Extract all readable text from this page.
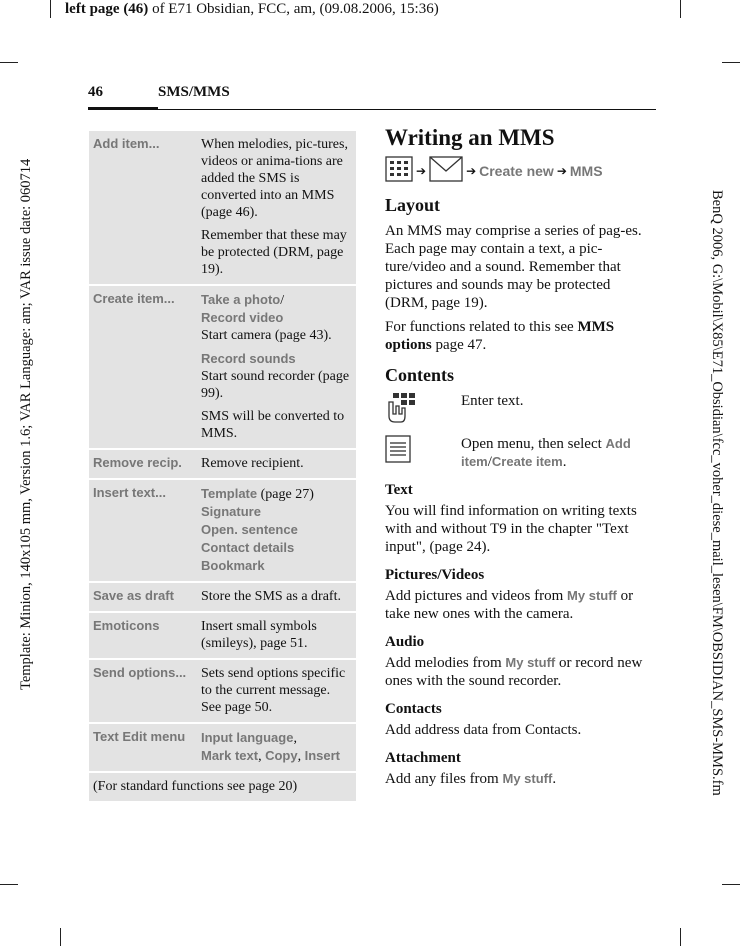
left page (46) of E71 Obsidian, FCC, am, (09.08.2006, 15:36)
Template: Minion, 140x105 mm, Version 1.6; VAR Language: am; VAR issue date: 060714	BenQ 2006, G:\Mobil\X85\E71_Obsidian\fcc_voher_diese_mail_lesen\FM\OBSIDIAN_SMS-MMS.fm
46	SMS/MMS
Add item...	When melodies, pic-tures, videos or anima-tions are added the SMS is converted into an MMS (page 46).

Remember that these may be protected (DRM, page 19).

Create item...	Take a photo/
Record video
Start camera (page 43).

Record sounds
Start sound recorder (page 99).

SMS will be converted to MMS.

Remove recip.	Remove recipient.
Insert text...	Template (page 27)
Signature
Open. sentence
Contact details
Bookmark
Save as draft	Store the SMS as a draft.
Emoticons	Insert small symbols (smileys), page 51.
Send options...	Sets send options specific to the current message. See page 50.
Text Edit menu	Input language,
Mark text, Copy, Insert
(For standard functions see page 20)
Writing an MMS
➔	➔ Create new ➔ MMS
Layout

An MMS may comprise a series of pag-es. Each page may contain a text, a pic-ture/video and a sound. Remember that pictures and sounds may be protected (DRM, page 19).

For functions related to this see MMS options page 47.

Contents
Enter text.
Open menu, then select Add item/Create item.
Text

You will find information on writing texts with and without T9 in the chapter "Text input", (page 24).

Pictures/Videos

Add pictures and videos from My stuff or take new ones with the camera.

Audio

Add melodies from My stuff or record new ones with the sound recorder.

Contacts

Add address data from Contacts.

Attachment

Add any files from My stuff.
